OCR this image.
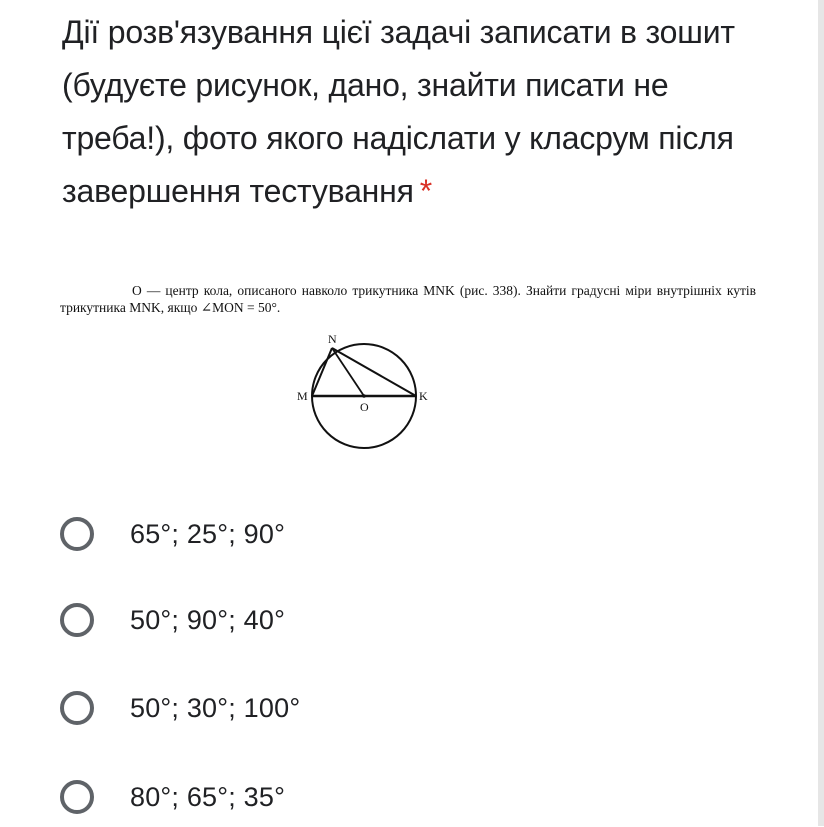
Дії розв'язування цієї задачі записати в зошит (будуєте рисунок, дано, знайти писати не треба!), фото якого надіслати у класрум після завершення тестування *
O — центр кола, описаного навколо трикутника MNK (рис. 338). Знайти градусні міри внутрішніх кутів трикутника MNK, якщо ∠MON = 50°.
N
M
O
K
65°; 25°; 90°
50°; 90°; 40°
50°; 30°; 100°
80°; 65°; 35°
